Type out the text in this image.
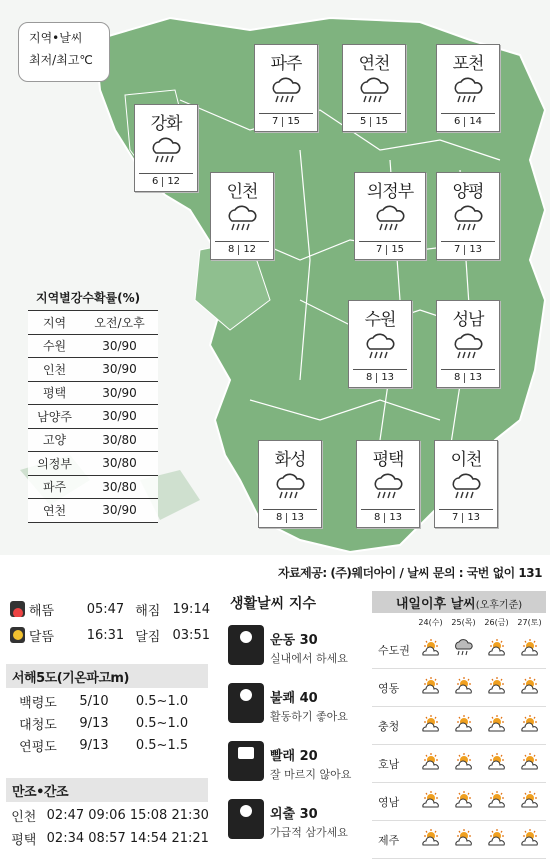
지역•날씨
최저/최고℃	파주
7 15
연천
5 15
포천
6 14
강화
6 12
인천
8 12
의정부
7 15
양평
7 13
수원
8 13
성남
8 13
화성
8 13
평택
8 13
이천
7 13
지역별강수확률(%)
지역	오전/오후
수원	30/90
인천	30/90
평택	30/90
남양주	30/90
고양	30/80
의정부	30/80
파주	30/80
연천	30/90
자료제공: (주)웨더아이 / 날씨 문의 : 국번 없이 131
해뜸	05:47 해짐 19:14
달뜸	16:31 달짐 03:51
서해5도(기온파고m)
백령도	5/10	0.5~1.0
대청도	9/13	0.5~1.0
연평도	9/13	0.5~1.5
만조•간조
인천 02:47 09:06 15:08 21:30
평택 02:34 08:57 14:54 21:21
생활날씨 지수
운동 30
실내에서 하세요
불쾌 40
활동하기 좋아요
빨래 20
잘 마르지 않아요
외출 30
가급적 삼가세요
내일이후 날씨(오후기준)
24(수)	25(목)	26(금)	27(토)
수도권
영동
충청
호남
영남
제주
